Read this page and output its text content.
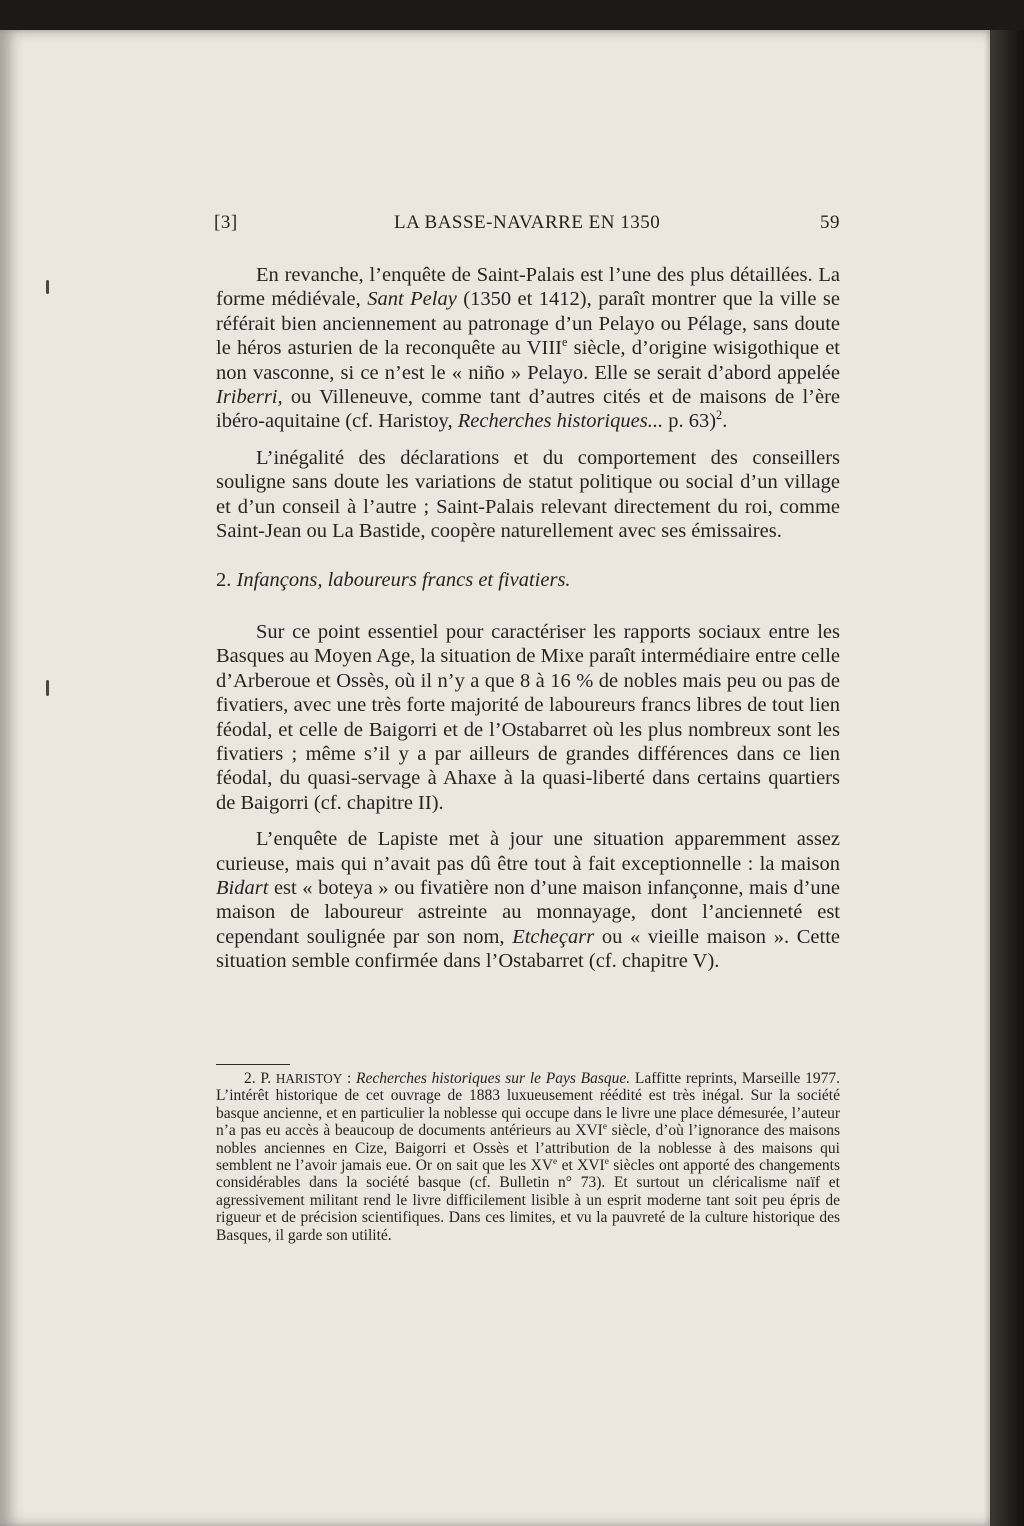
[3]	LA BASSE-NAVARRE EN 1350	59

En revanche, l’enquête de Saint-Palais est l’une des plus détaillées. La forme médiévale, Sant Pelay (1350 et 1412), paraît montrer que la ville se référait bien anciennement au patronage d’un Pelayo ou Pélage, sans doute le héros asturien de la reconquête au VIIIe siècle, d’origine wisigothique et non vasconne, si ce n’est le « niño » Pelayo. Elle se serait d’abord appelée Iriberri, ou Villeneuve, comme tant d’autres cités et de maisons de l’ère ibéro-aquitaine (cf. Haristoy, Recherches historiques... p. 63)$^2$.

L’inégalité des déclarations et du comportement des conseillers souligne sans doute les variations de statut politique ou social d’un village et d’un conseil à l’autre ; Saint-Palais relevant directement du roi, comme Saint-Jean ou La Bastide, coopère naturellement avec ses émissaires.

2. Infançons, laboureurs francs et fivatiers.

Sur ce point essentiel pour caractériser les rapports sociaux entre les Basques au Moyen Age, la situation de Mixe paraît intermédiaire entre celle d’Arberoue et Ossès, où il n’y a que 8 à 16 % de nobles mais peu ou pas de fivatiers, avec une très forte majorité de laboureurs francs libres de tout lien féodal, et celle de Baigorri et de l’Ostabarret où les plus nombreux sont les fivatiers ; même s’il y a par ailleurs de grandes différences dans ce lien féodal, du quasi-servage à Ahaxe à la quasi-liberté dans certains quartiers de Baigorri (cf. chapitre II).

L’enquête de Lapiste met à jour une situation apparemment assez curieuse, mais qui n’avait pas dû être tout à fait exceptionnelle : la maison Bidart est « boteya » ou fivatière non d’une maison infançonne, mais d’une maison de laboureur astreinte au monnayage, dont l’ancienneté est cependant soulignée par son nom, Etcheçarr ou « vieille maison ». Cette situation semble confirmée dans l’Ostabarret (cf. chapitre V).

2. P. HARISTOY : Recherches historiques sur le Pays Basque. Laffitte reprints, Marseille 1977. L’intérêt historique de cet ouvrage de 1883 luxueusement réédité est très inégal. Sur la société basque ancienne, et en particulier la noblesse qui occupe dans le livre une place démesurée, l’auteur n’a pas eu accès à beaucoup de documents antérieurs au XVIe siècle, d’où l’ignorance des maisons nobles anciennes en Cize, Baigorri et Ossès et l’attribution de la noblesse à des maisons qui semblent ne l’avoir jamais eue. Or on sait que les XVe et XVIe siècles ont apporté des changements considérables dans la société basque (cf. Bulletin n° 73). Et surtout un cléricalisme naïf et agressivement militant rend le livre difficilement lisible à un esprit moderne tant soit peu épris de rigueur et de précision scientifiques. Dans ces limites, et vu la pauvreté de la culture historique des Basques, il garde son utilité.
